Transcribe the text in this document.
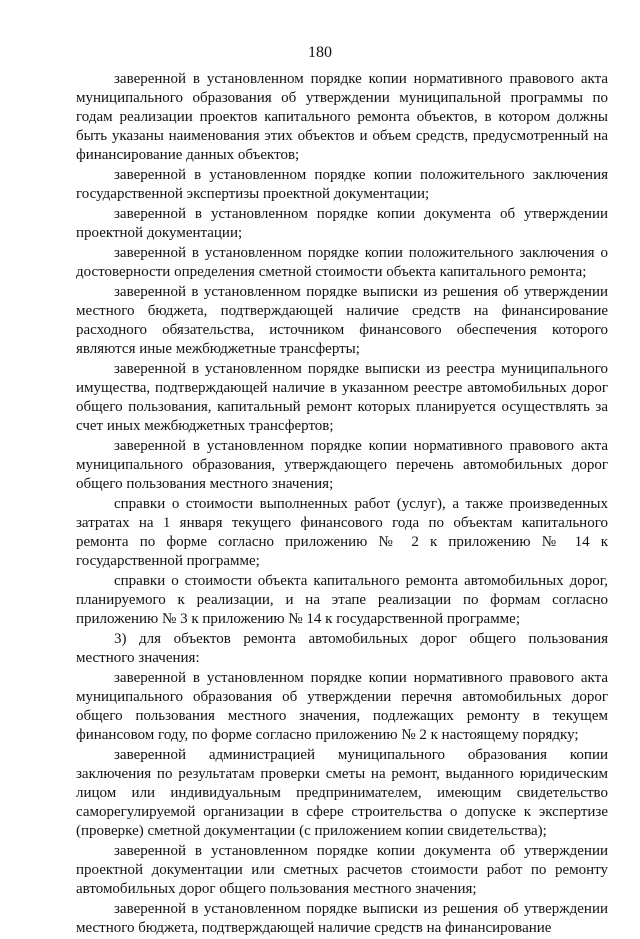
180

заверенной в установленном порядке копии нормативного правового акта муниципального образования об утверждении муниципальной программы по годам реализации проектов капитального ремонта объектов, в котором должны быть указаны наименования этих объектов и объем средств, предусмотренный на финансирование данных объектов;

заверенной в установленном порядке копии положительного заключения государственной экспертизы проектной документации;

заверенной в установленном порядке копии документа об утверждении проектной документации;

заверенной в установленном порядке копии положительного заключения о достоверности определения сметной стоимости объекта капитального ремонта;

заверенной в установленном порядке выписки из решения об утверждении местного бюджета, подтверждающей наличие средств на финансирование расходного обязательства, источником финансового обеспечения которого являются иные межбюджетные трансферты;

заверенной в установленном порядке выписки из реестра муниципального имущества, подтверждающей наличие в указанном реестре автомобильных дорог общего пользования, капитальный ремонт которых планируется осуществлять за счет иных межбюджетных трансфертов;

заверенной в установленном порядке копии нормативного правового акта муниципального образования, утверждающего перечень автомобильных дорог общего пользования местного значения;

справки о стоимости выполненных работ (услуг), а также произведенных затратах на 1 января текущего финансового года по объектам капитального ремонта по форме согласно приложению № 2 к приложению № 14 к государственной программе;

справки о стоимости объекта капитального ремонта автомобильных дорог, планируемого к реализации, и на этапе реализации по формам согласно приложению № 3 к приложению № 14 к государственной программе;

3) для объектов ремонта автомобильных дорог общего пользования местного значения:

заверенной в установленном порядке копии нормативного правового акта муниципального образования об утверждении перечня автомобильных дорог общего пользования местного значения, подлежащих ремонту в текущем финансовом году, по форме согласно приложению № 2 к настоящему порядку;

заверенной администрацией муниципального образования копии заключения по результатам проверки сметы на ремонт, выданного юридическим лицом или индивидуальным предпринимателем, имеющим свидетельство саморегулируемой организации в сфере строительства о допуске к экспертизе (проверке) сметной документации (с приложением копии свидетельства);

заверенной в установленном порядке копии документа об утверждении проектной документации или сметных расчетов стоимости работ по ремонту автомобильных дорог общего пользования местного значения;

заверенной в установленном порядке выписки из решения об утверждении местного бюджета, подтверждающей наличие средств на финансирование
